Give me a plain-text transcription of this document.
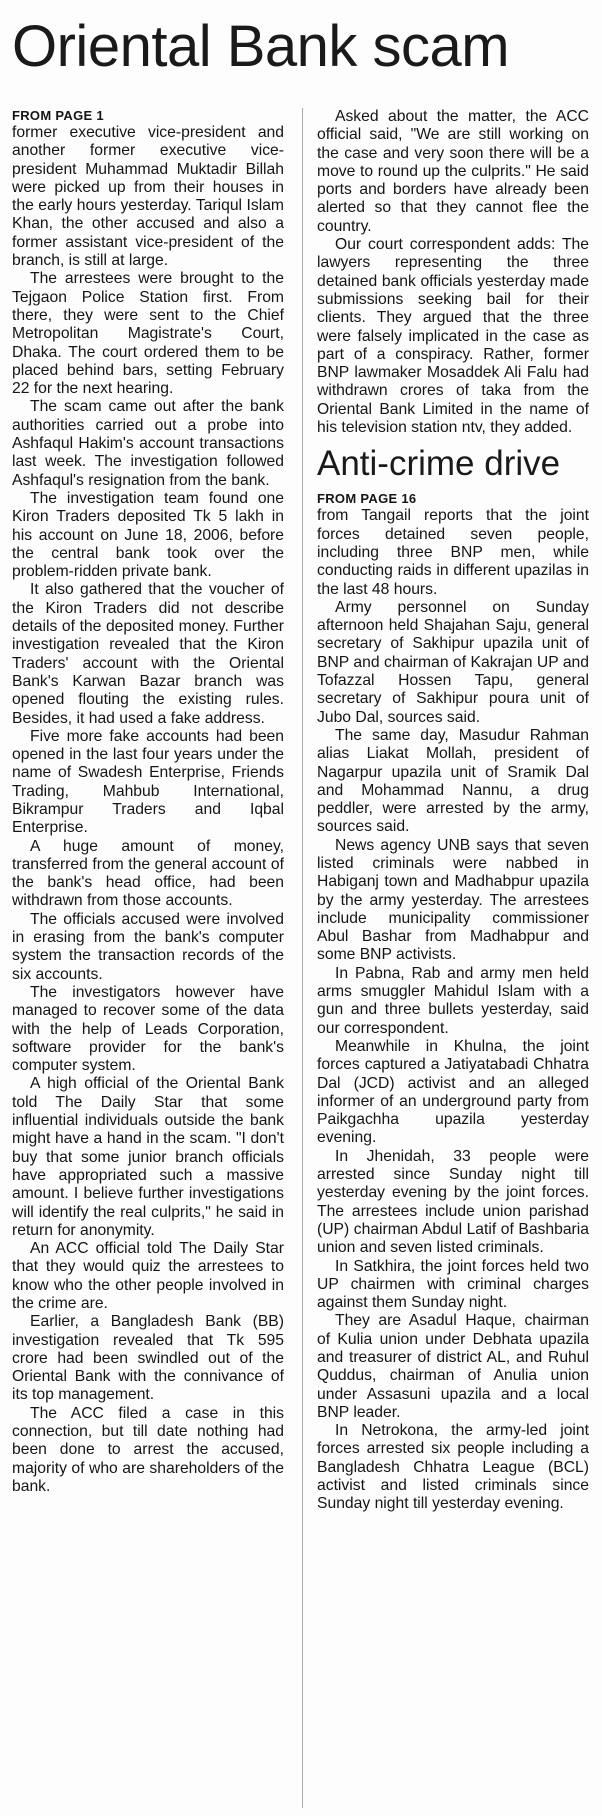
Oriental Bank scam

FROM PAGE 1

former executive vice-president and another former executive vice-president Muhammad Muktadir Billah were picked up from their houses in the early hours yesterday. Tariqul Islam Khan, the other accused and also a former assistant vice-president of the branch, is still at large.

The arrestees were brought to the Tejgaon Police Station first. From there, they were sent to the Chief Metropolitan Magistrate's Court, Dhaka. The court ordered them to be placed behind bars, setting February 22 for the next hearing.

The scam came out after the bank authorities carried out a probe into Ashfaqul Hakim's account transactions last week. The investigation followed Ashfaqul's resignation from the bank.

The investigation team found one Kiron Traders deposited Tk 5 lakh in his account on June 18, 2006, before the central bank took over the problem-ridden private bank.

It also gathered that the voucher of the Kiron Traders did not describe details of the deposited money. Further investigation revealed that the Kiron Traders' account with the Oriental Bank's Karwan Bazar branch was opened flouting the existing rules. Besides, it had used a fake address.

Five more fake accounts had been opened in the last four years under the name of Swadesh Enterprise, Friends Trading, Mahbub International, Bikrampur Traders and Iqbal Enterprise.

A huge amount of money, transferred from the general account of the bank's head office, had been withdrawn from those accounts.

The officials accused were involved in erasing from the bank's computer system the transaction records of the six accounts.

The investigators however have managed to recover some of the data with the help of Leads Corporation, software provider for the bank's computer system.

A high official of the Oriental Bank told The Daily Star that some influential individuals outside the bank might have a hand in the scam. "I don't buy that some junior branch officials have appropriated such a massive amount. I believe further investigations will identify the real culprits," he said in return for anonymity.

An ACC official told The Daily Star that they would quiz the arrestees to know who the other people involved in the crime are.

Earlier, a Bangladesh Bank (BB) investigation revealed that Tk 595 crore had been swindled out of the Oriental Bank with the connivance of its top management.

The ACC filed a case in this connection, but till date nothing had been done to arrest the accused, majority of who are shareholders of the bank.

Asked about the matter, the ACC official said, "We are still working on the case and very soon there will be a move to round up the culprits." He said ports and borders have already been alerted so that they cannot flee the country.

Our court correspondent adds: The lawyers representing the three detained bank officials yesterday made submissions seeking bail for their clients. They argued that the three were falsely implicated in the case as part of a conspiracy. Rather, former BNP lawmaker Mosaddek Ali Falu had withdrawn crores of taka from the Oriental Bank Limited in the name of his television station ntv, they added.

Anti-crime drive

FROM PAGE 16

from Tangail reports that the joint forces detained seven people, including three BNP men, while conducting raids in different upazilas in the last 48 hours.

Army personnel on Sunday afternoon held Shajahan Saju, general secretary of Sakhipur upazila unit of BNP and chairman of Kakrajan UP and Tofazzal Hossen Tapu, general secretary of Sakhipur poura unit of Jubo Dal, sources said.

The same day, Masudur Rahman alias Liakat Mollah, president of Nagarpur upazila unit of Sramik Dal and Mohammad Nannu, a drug peddler, were arrested by the army, sources said.

News agency UNB says that seven listed criminals were nabbed in Habiganj town and Madhabpur upazila by the army yesterday. The arrestees include municipality commissioner Abul Bashar from Madhabpur and some BNP activists.

In Pabna, Rab and army men held arms smuggler Mahidul Islam with a gun and three bullets yesterday, said our correspondent.

Meanwhile in Khulna, the joint forces captured a Jatiyatabadi Chhatra Dal (JCD) activist and an alleged informer of an underground party from Paikgachha upazila yesterday evening.

In Jhenidah, 33 people were arrested since Sunday night till yesterday evening by the joint forces. The arrestees include union parishad (UP) chairman Abdul Latif of Bashbaria union and seven listed criminals.

In Satkhira, the joint forces held two UP chairmen with criminal charges against them Sunday night.

They are Asadul Haque, chairman of Kulia union under Debhata upazila and treasurer of district AL, and Ruhul Quddus, chairman of Anulia union under Assasuni upazila and a local BNP leader.

In Netrokona, the army-led joint forces arrested six people including a Bangladesh Chhatra League (BCL) activist and listed criminals since Sunday night till yesterday evening.
